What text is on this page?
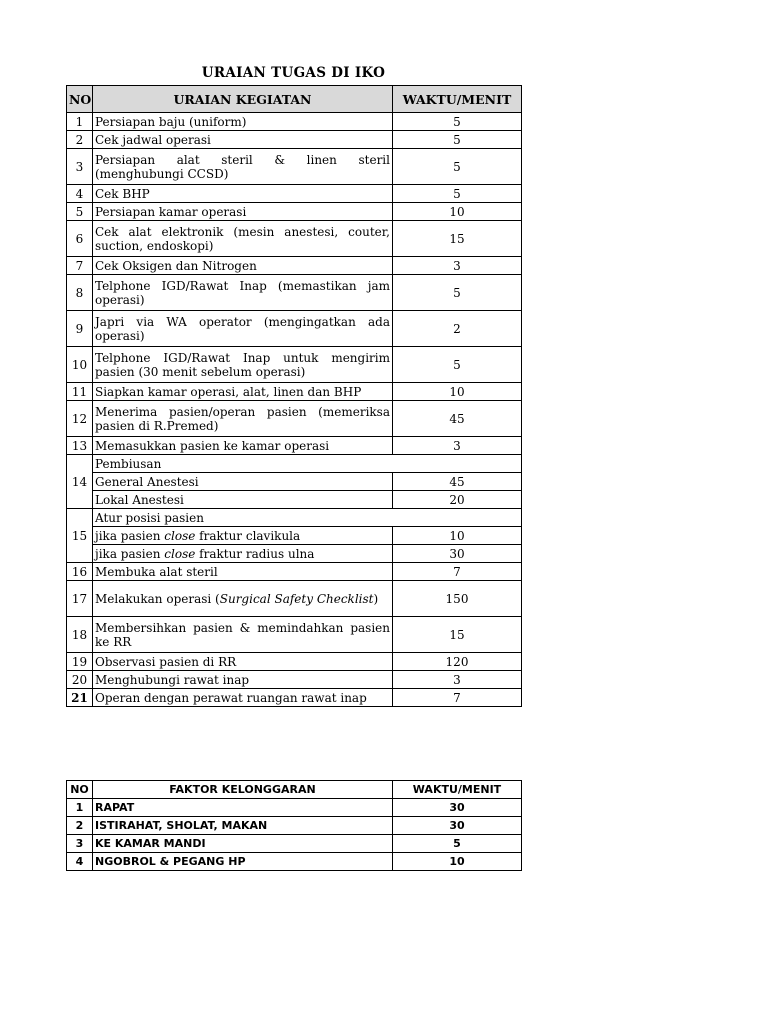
URAIAN TUGAS DI IKO
NO	URAIAN KEGIATAN	WAKTU/MENIT
1	Persiapan baju (uniform)	5
2	Cek jadwal operasi	5
3	Persiapan alat steril & linen steril (menghubungi CCSD)	5
4	Cek BHP	5
5	Persiapan kamar operasi	10
6	Cek alat elektronik (mesin anestesi, couter, suction, endoskopi)	15
7	Cek Oksigen dan Nitrogen	3
8	Telphone IGD/Rawat Inap (memastikan jam operasi)	5
9	Japri via WA operator (mengingatkan ada operasi)	2
10	Telphone IGD/Rawat Inap untuk mengirim pasien (30 menit sebelum operasi)	5
11	Siapkan kamar operasi, alat, linen dan BHP	10
12	Menerima pasien/operan pasien (memeriksa pasien di R.Premed)	45
13	Memasukkan pasien ke kamar operasi	3
14	Pembiusan	
	General Anestesi	45
	Lokal Anestesi	20
15	Atur posisi pasien	
	jika pasien close fraktur clavikula	10
	jika pasien close fraktur radius ulna	30
16	Membuka alat steril	7
17	Melakukan operasi (Surgical Safety Checklist)	150
18	Membersihkan pasien & memindahkan pasien ke RR	15
19	Observasi pasien di RR	120
20	Menghubungi rawat inap	3
21	Operan dengan perawat ruangan rawat inap	7
NO	FAKTOR KELONGGARAN	WAKTU/MENIT
1	RAPAT	30
2	ISTIRAHAT, SHOLAT, MAKAN	30
3	KE KAMAR MANDI	5
4	NGOBROL & PEGANG HP	10
